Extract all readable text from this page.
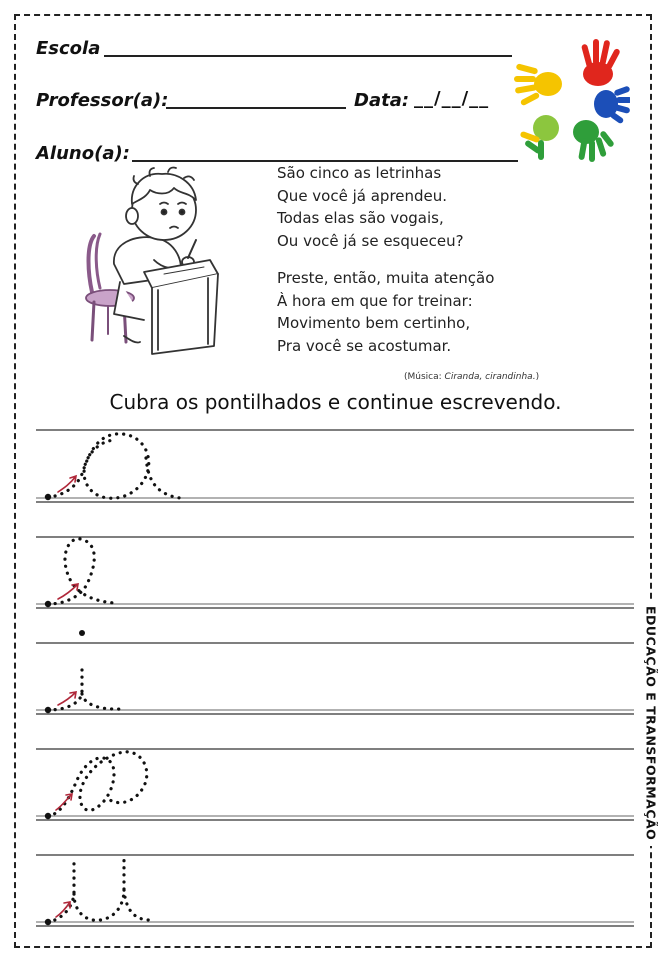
Escola
Professor(a):	Data: __/__/__
Aluno(a):
São cinco as letrinhas
Que você já aprendeu.
Todas elas são vogais,
Ou você já se esqueceu?
Preste, então, muita atenção
À hora em que for treinar:
Movimento bem certinho,
Pra você se acostumar.
(Música: Ciranda, cirandinha.)
Cubra os pontilhados e continue escrevendo.
EDUCAÇÃO E TRANSFORMAÇÃO
